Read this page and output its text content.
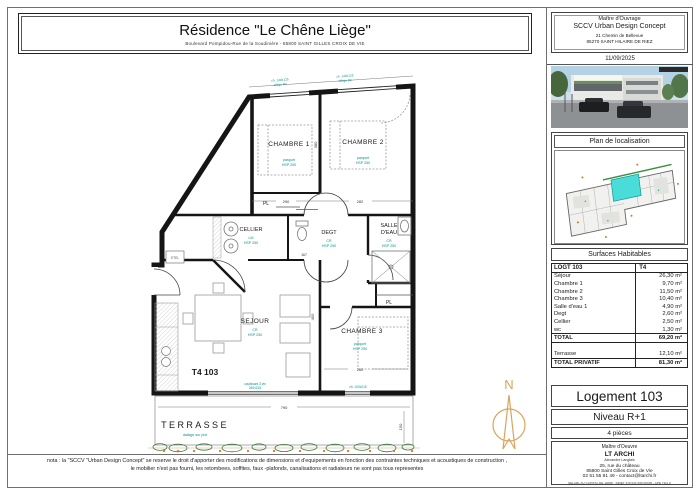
Résidence "Le Chêne Liège"
Boulevard Pompidou-Rue de la Soudinière - 85800 SAINT GILLES CROIX DE VIE
ETEL
290	282
380
450
167
260
790
150
CHAMBRE 1	CHAMBRE 2
CHAMBRE 3
SEJOUR
CELLIER	DEGT
SALLE
D'EAU
PL
PL
TERRASSE
T4 103
parquet
HSP 250
parquet
HSP 250
parquet
HSP 250
CR
HSP 250
LM
HSP 250	CR
HSP 250
CR
HSP 250
dallage sur plot
ch. 140x125
allège 90
ch. 140x125
allège 90
coulissant 3 vtx
240x215	ch. 100x215	N
Maître d'Ouvrage
SCCV Urban Design Concept
21 Chemin de Bellevue
85270 SAINT HILAIRE DE RIEZ
11/09/2025
Plan de localisation
Surfaces Habitables
LOGT 103	T4
Séjour	26,30 m²
Chambre 1	9,70 m²
Chambre 2	11,50 m²
Chambre 3	10,40 m²
Salle d'eau 1	4,90 m²
Degt	2,60 m²
Cellier	2,50 m²
wc	1,30 m²
TOTAL	69,20 m²

Terrasse	12,10 m²
TOTAL PRIVATIF	81,30 m²
Logement 103
Niveau R+1
4 pièces
Maître d'Oeuvre
LT ARCHI
Alexandre Langlais
25, rue du château
85800 Saint Gilles Croix de Vie
02 51 55 81 49 - contact@ltarchi.fr
SELARL AU CAPITAL DE 1000€ - SIRET 479 041 095 00035 - APE 7111 Z
nota : la "SCCV "Urban Design Concept" se reserve le droit d'apporter des modifications de dimensions et d'equipements en fonction des contraintes techniques et acoustiques de construction ,
le mobilier n'est pas fourni, les retombees, soffites, faux -plafonds, canalisations et radiateurs ne sont pas tous representes
